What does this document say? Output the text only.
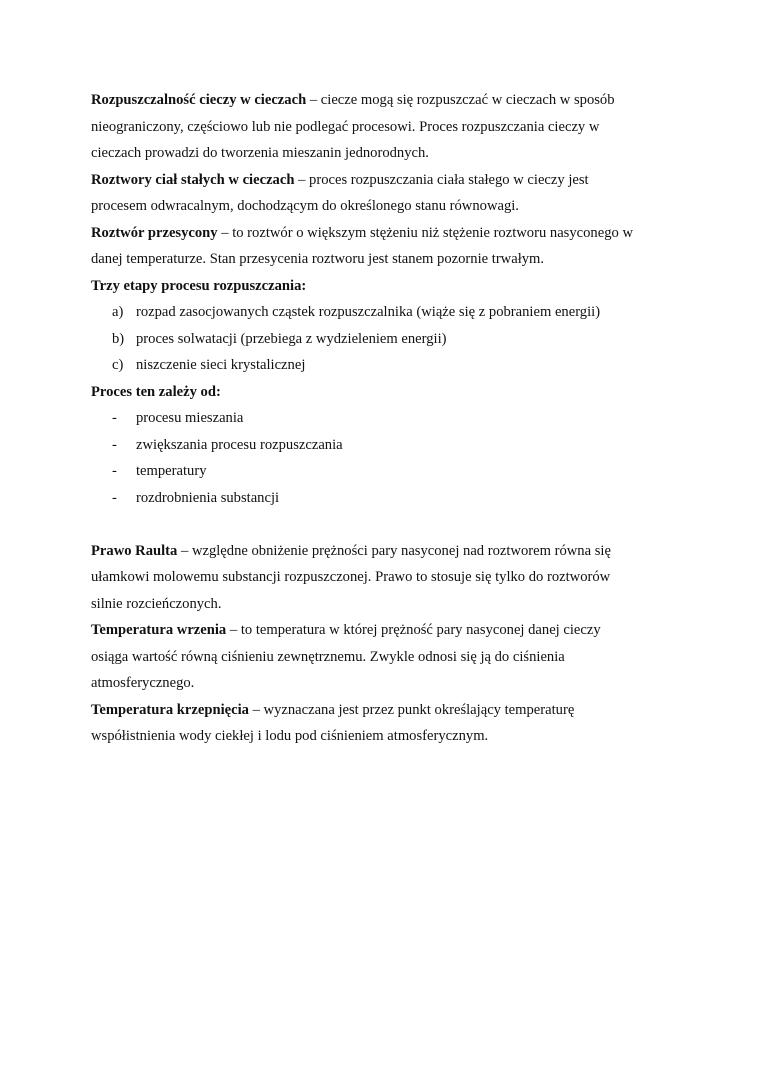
Rozpuszczalność cieczy w cieczach – ciecze mogą się rozpuszczać w cieczach w sposób
nieograniczony, częściowo lub nie podlegać procesowi. Proces rozpuszczania cieczy w
cieczach prowadzi do tworzenia mieszanin jednorodnych.

Roztwory ciał stałych w cieczach – proces rozpuszczania ciała stałego w cieczy jest
procesem odwracalnym, dochodzącym do określonego stanu równowagi.

Roztwór przesycony – to roztwór o większym stężeniu niż stężenie roztworu nasyconego w
danej temperaturze. Stan przesycenia roztworu jest stanem pozornie trwałym.

Trzy etapy procesu rozpuszczania:

a) rozpad zasocjowanych cząstek rozpuszczalnika (wiąże się z pobraniem energii)
b) proces solwatacji (przebiega z wydzieleniem energii)
c) niszczenie sieci krystalicznej

Proces ten zależy od:

- procesu mieszania
- zwiększania procesu rozpuszczania
- temperatury
- rozdrobnienia substancji

Prawo Raulta – względne obniżenie prężności pary nasyconej nad roztworem równa się
ułamkowi molowemu substancji rozpuszczonej. Prawo to stosuje się tylko do roztworów
silnie rozcieńczonych.

Temperatura wrzenia – to temperatura w której prężność pary nasyconej danej cieczy
osiąga wartość równą ciśnieniu zewnętrznemu. Zwykle odnosi się ją do ciśnienia
atmosferycznego.

Temperatura krzepnięcia – wyznaczana jest przez punkt określający temperaturę
współistnienia wody ciekłej i lodu pod ciśnieniem atmosferycznym.
